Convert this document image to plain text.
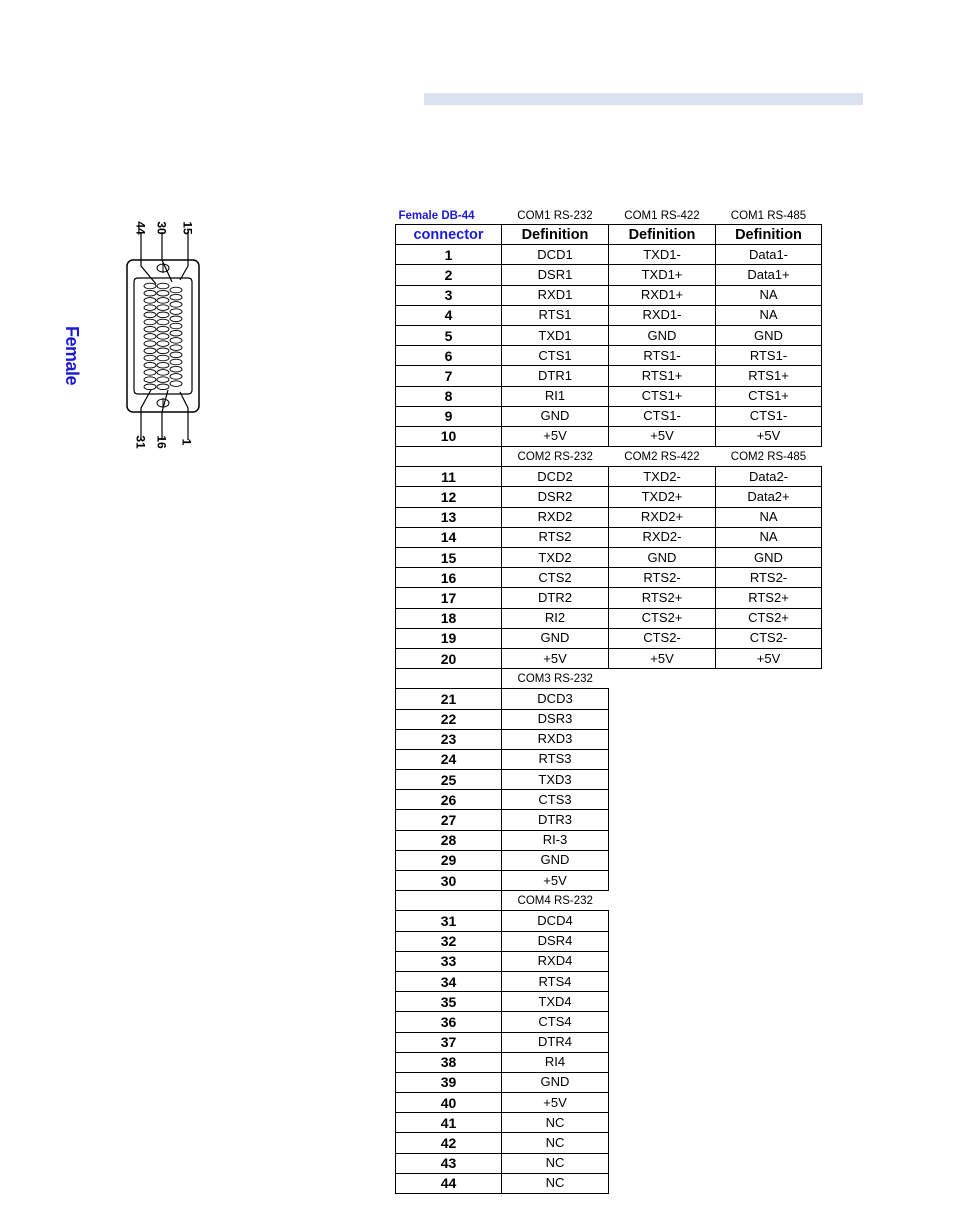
44 30 15
31 16 1
Female
Female DB-44	COM1 RS-232	COM1 RS-422	COM1 RS-485
connector	Definition	Definition	Definition
1	DCD1	TXD1-	Data1-
2	DSR1	TXD1+	Data1+
3	RXD1	RXD1+	NA
4	RTS1	RXD1-	NA
5	TXD1	GND	GND
6	CTS1	RTS1-	RTS1-
7	DTR1	RTS1+	RTS1+
8	RI1	CTS1+	CTS1+
9	GND	CTS1-	CTS1-
10	+5V	+5V	+5V
	COM2 RS-232	COM2 RS-422	COM2 RS-485
11	DCD2	TXD2-	Data2-
12	DSR2	TXD2+	Data2+
13	RXD2	RXD2+	NA
14	RTS2	RXD2-	NA
15	TXD2	GND	GND
16	CTS2	RTS2-	RTS2-
17	DTR2	RTS2+	RTS2+
18	RI2	CTS2+	CTS2+
19	GND	CTS2-	CTS2-
20	+5V	+5V	+5V
	COM3 RS-232		
21	DCD3		
22	DSR3		
23	RXD3		
24	RTS3		
25	TXD3		
26	CTS3		
27	DTR3		
28	RI-3		
29	GND		
30	+5V		
	COM4 RS-232		
31	DCD4		
32	DSR4		
33	RXD4		
34	RTS4		
35	TXD4		
36	CTS4		
37	DTR4		
38	RI4		
39	GND		
40	+5V		
41	NC		
42	NC		
43	NC		
44	NC		
